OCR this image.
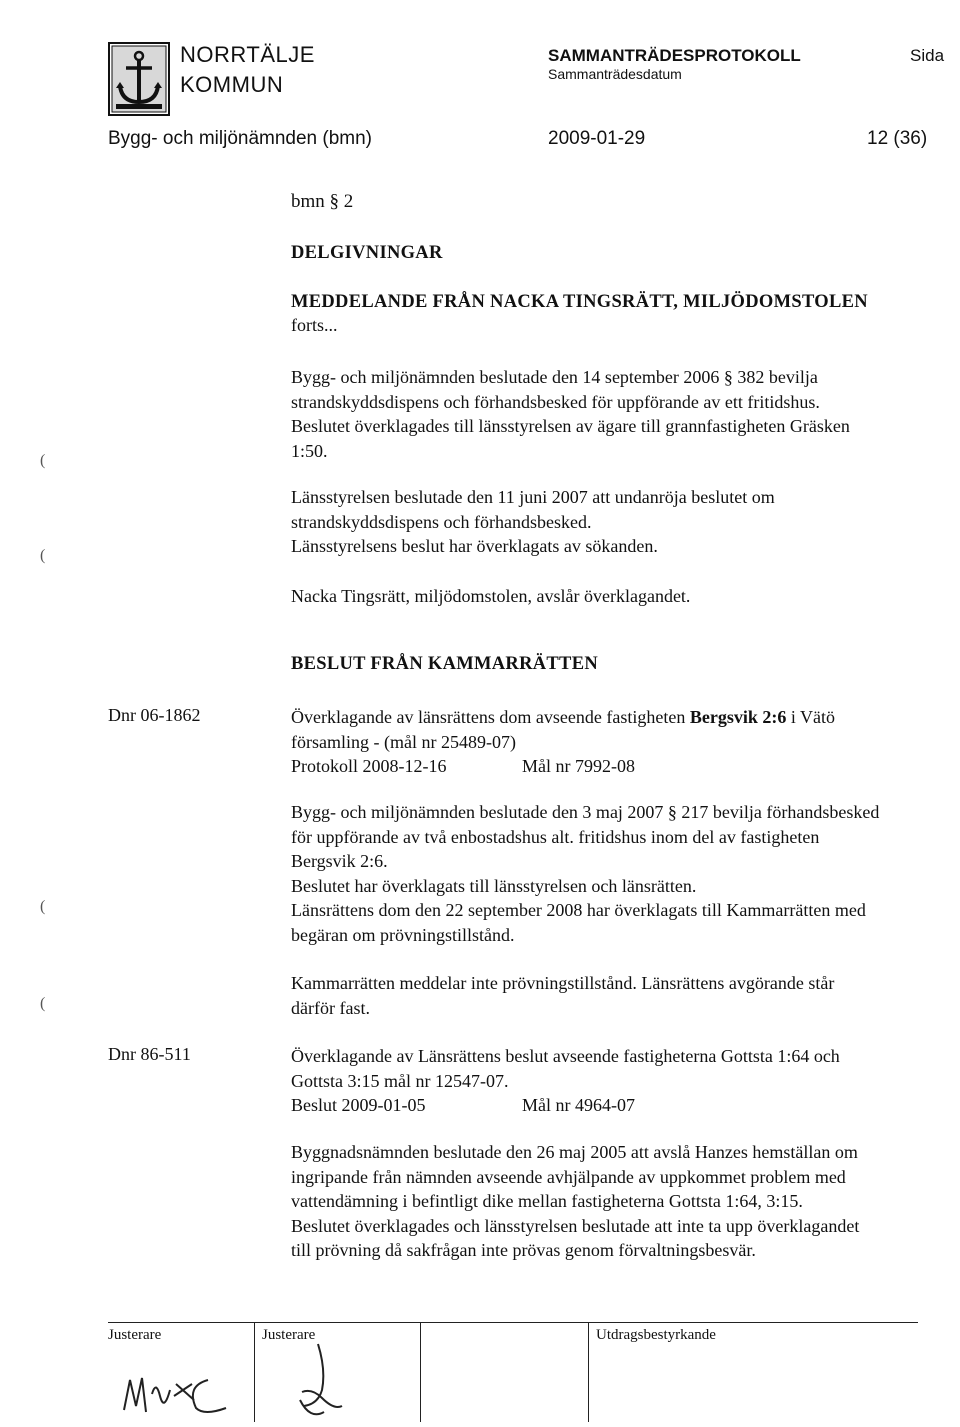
NORRTÄLJE
KOMMUN
SAMMANTRÄDESPROTOKOLL
Sammanträdesdatum
Sida
Bygg- och miljönämnden (bmn)	2009-01-29	12 (36)
bmn § 2
DELGIVNINGAR
MEDDELANDE FRÅN NACKA TINGSRÄTT, MILJÖDOMSTOLEN
forts...
Bygg- och miljönämnden beslutade den 14 september 2006 § 382 bevilja
strandskyddsdispens och förhandsbesked för uppförande av ett fritidshus.
Beslutet överklagades till länsstyrelsen av ägare till grannfastigheten Gräsken
1:50.
Länsstyrelsen beslutade den 11 juni 2007 att undanröja beslutet om
strandskyddsdispens och förhandsbesked.
Länsstyrelsens beslut har överklagats av sökanden.
Nacka Tingsrätt, miljödomstolen, avslår överklagandet.
BESLUT FRÅN KAMMARRÄTTEN
Dnr 06-1862	Överklagande av länsrättens dom avseende fastigheten Bergsvik 2:6 i Vätö
församling - (mål nr 25489-07)
Protokoll 2008-12-16	Mål nr 7992-08
Bygg- och miljönämnden beslutade den 3 maj 2007 § 217 bevilja förhandsbesked
för uppförande av två enbostadshus alt. fritidshus inom del av fastigheten
Bergsvik 2:6.
Beslutet har överklagats till länsstyrelsen och länsrätten.
Länsrättens dom den 22 september 2008 har överklagats till Kammarrätten med
begäran om prövningstillstånd.
Kammarrätten meddelar inte prövningstillstånd. Länsrättens avgörande står
därför fast.
Dnr 86-511	Överklagande av Länsrättens beslut avseende fastigheterna Gottsta 1:64 och
Gottsta 3:15 mål nr 12547-07.
Beslut 2009-01-05	Mål nr 4964-07
Byggnadsnämnden beslutade den 26 maj 2005 att avslå Hanzes hemställan om
ingripande från nämnden avseende avhjälpande av uppkommet problem med
vattendämning i befintligt dike mellan fastigheterna Gottsta 1:64, 3:15.
Beslutet överklagades och länsstyrelsen beslutade att inte ta upp överklagandet
till prövning då sakfrågan inte prövas genom förvaltningsbesvär.
(
(
(
(
Justerare	Justerare	Utdragsbestyrkande
